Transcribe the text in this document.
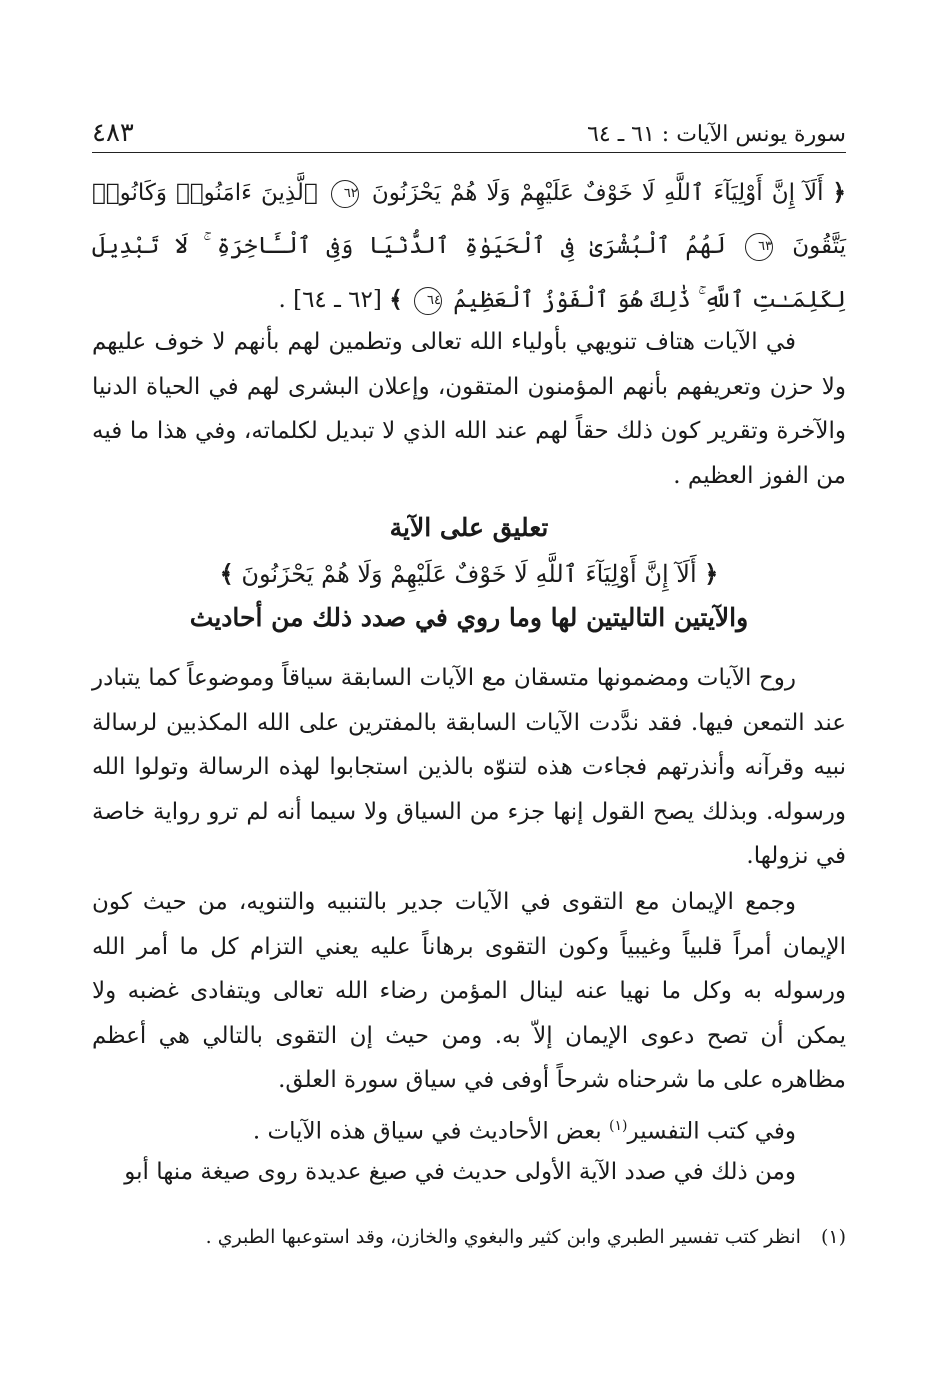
سورة يونس الآيات : ٦١ ـ ٦٤
٤٨٣
﴿ أَلَآ إِنَّ أَوْلِيَآءَ ٱللَّهِ لَا خَوْفٌ عَلَيْهِمْ وَلَا هُمْ يَحْزَنُونَ ٦٢ ٱلَّذِينَ ءَامَنُوا۟ وَكَانُوا۟ يَتَّقُونَ ٦٣ لَهُمُ ٱلْبُشْرَىٰ فِى ٱلْحَيَوٰةِ ٱلدُّنْيَا وَفِى ٱلْـَٔاخِرَةِ ۚ لَا تَبْدِيلَ لِكَلِمَـٰتِ ٱللَّهِ ۚ ذَٰلِكَ هُوَ ٱلْفَوْزُ ٱلْعَظِيمُ ٦٤ ﴾ [٦٢ ـ ٦٤] .

في الآيات هتاف تنويهي بأولياء الله تعالى وتطمين لهم بأنهم لا خوف عليهم ولا حزن وتعريفهم بأنهم المؤمنون المتقون، وإعلان البشرى لهم في الحياة الدنيا والآخرة وتقرير كون ذلك حقاً لهم عند الله الذي لا تبديل لكلماته، وفي هذا ما فيه من الفوز العظيم .

تعليق على الآية

﴿ أَلَآ إِنَّ أَوْلِيَآءَ ٱللَّهِ لَا خَوْفٌ عَلَيْهِمْ وَلَا هُمْ يَحْزَنُونَ ﴾

والآيتين التاليتين لها وما روي في صدد ذلك من أحاديث

روح الآيات ومضمونها متسقان مع الآيات السابقة سياقاً وموضوعاً كما يتبادر عند التمعن فيها. فقد ندَّدت الآيات السابقة بالمفترين على الله المكذبين لرسالة نبيه وقرآنه وأنذرتهم فجاءت هذه لتنوّه بالذين استجابوا لهذه الرسالة وتولوا الله ورسوله. وبذلك يصح القول إنها جزء من السياق ولا سيما أنه لم ترو رواية خاصة في نزولها.

وجمع الإيمان مع التقوى في الآيات جدير بالتنبيه والتنويه، من حيث كون الإيمان أمراً قلبياً وغيبياً وكون التقوى برهاناً عليه يعني التزام كل ما أمر الله ورسوله به وكل ما نهيا عنه لينال المؤمن رضاء الله تعالى ويتفادى غضبه ولا يمكن أن تصح دعوى الإيمان إلاّ به. ومن حيث إن التقوى بالتالي هي أعظم مظاهره على ما شرحناه شرحاً أوفى في سياق سورة العلق.

وفي كتب التفسير$^{(١)}$ بعض الأحاديث في سياق هذه الآيات .

ومن ذلك في صدد الآية الأولى حديث في صيغ عديدة روى صيغة منها أبو

(١) انظر كتب تفسير الطبري وابن كثير والبغوي والخازن، وقد استوعبها الطبري .
